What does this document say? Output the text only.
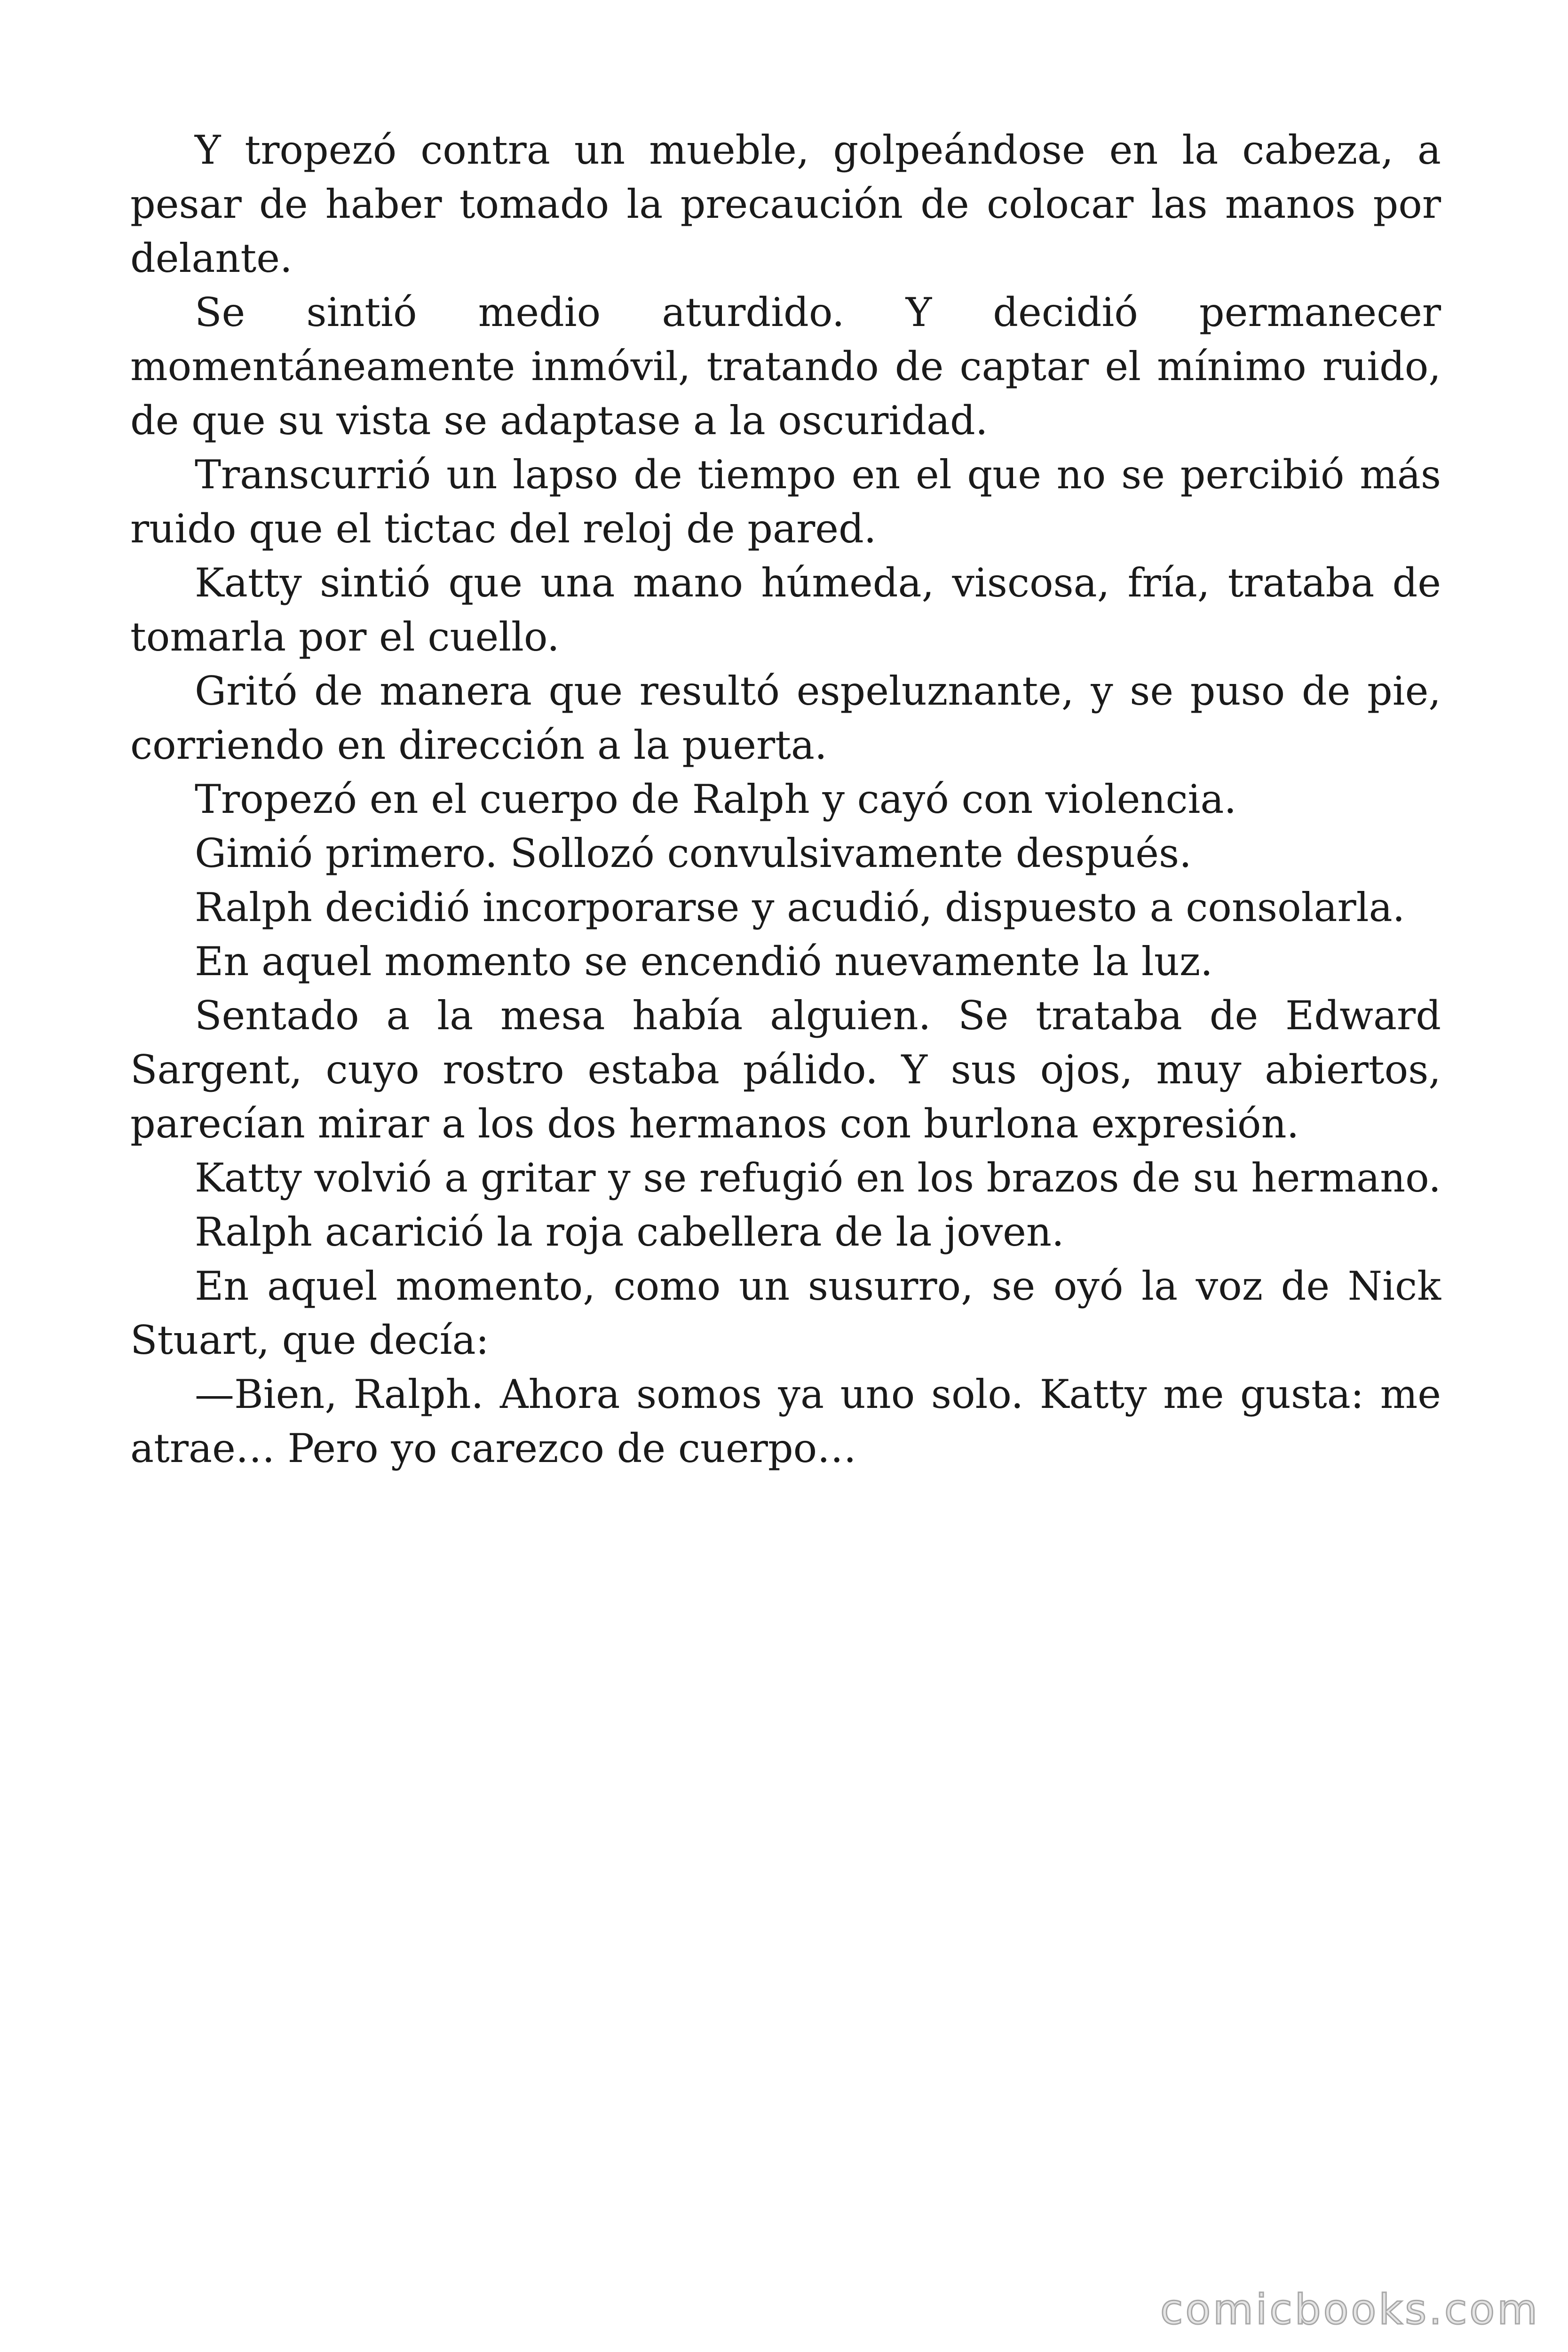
Y tropezó contra un mueble, golpeándose en la cabeza, a pesar de haber tomado la precaución de colocar las manos por delante.

Se sintió medio aturdido. Y decidió permanecer momentáneamente inmóvil, tratando de captar el mínimo ruido, de que su vista se adaptase a la oscuridad.

Transcurrió un lapso de tiempo en el que no se percibió más ruido que el tictac del reloj de pared.

Katty sintió que una mano húmeda, viscosa, fría, trataba de tomarla por el cuello.

Gritó de manera que resultó espeluznante, y se puso de pie, corriendo en dirección a la puerta.

Tropezó en el cuerpo de Ralph y cayó con violencia.

Gimió primero. Sollozó convulsivamente después.

Ralph decidió incorporarse y acudió, dispuesto a consolarla.

En aquel momento se encendió nuevamente la luz.

Sentado a la mesa había alguien. Se trataba de Edward Sargent, cuyo rostro estaba pálido. Y sus ojos, muy abiertos, parecían mirar a los dos hermanos con burlona expresión.

Katty volvió a gritar y se refugió en los brazos de su hermano.

Ralph acarició la roja cabellera de la joven.

En aquel momento, como un susurro, se oyó la voz de Nick Stuart, que decía:

—Bien, Ralph. Ahora somos ya uno solo. Katty me gusta: me atrae… Pero yo carezco de cuerpo…

comicbooks.com
